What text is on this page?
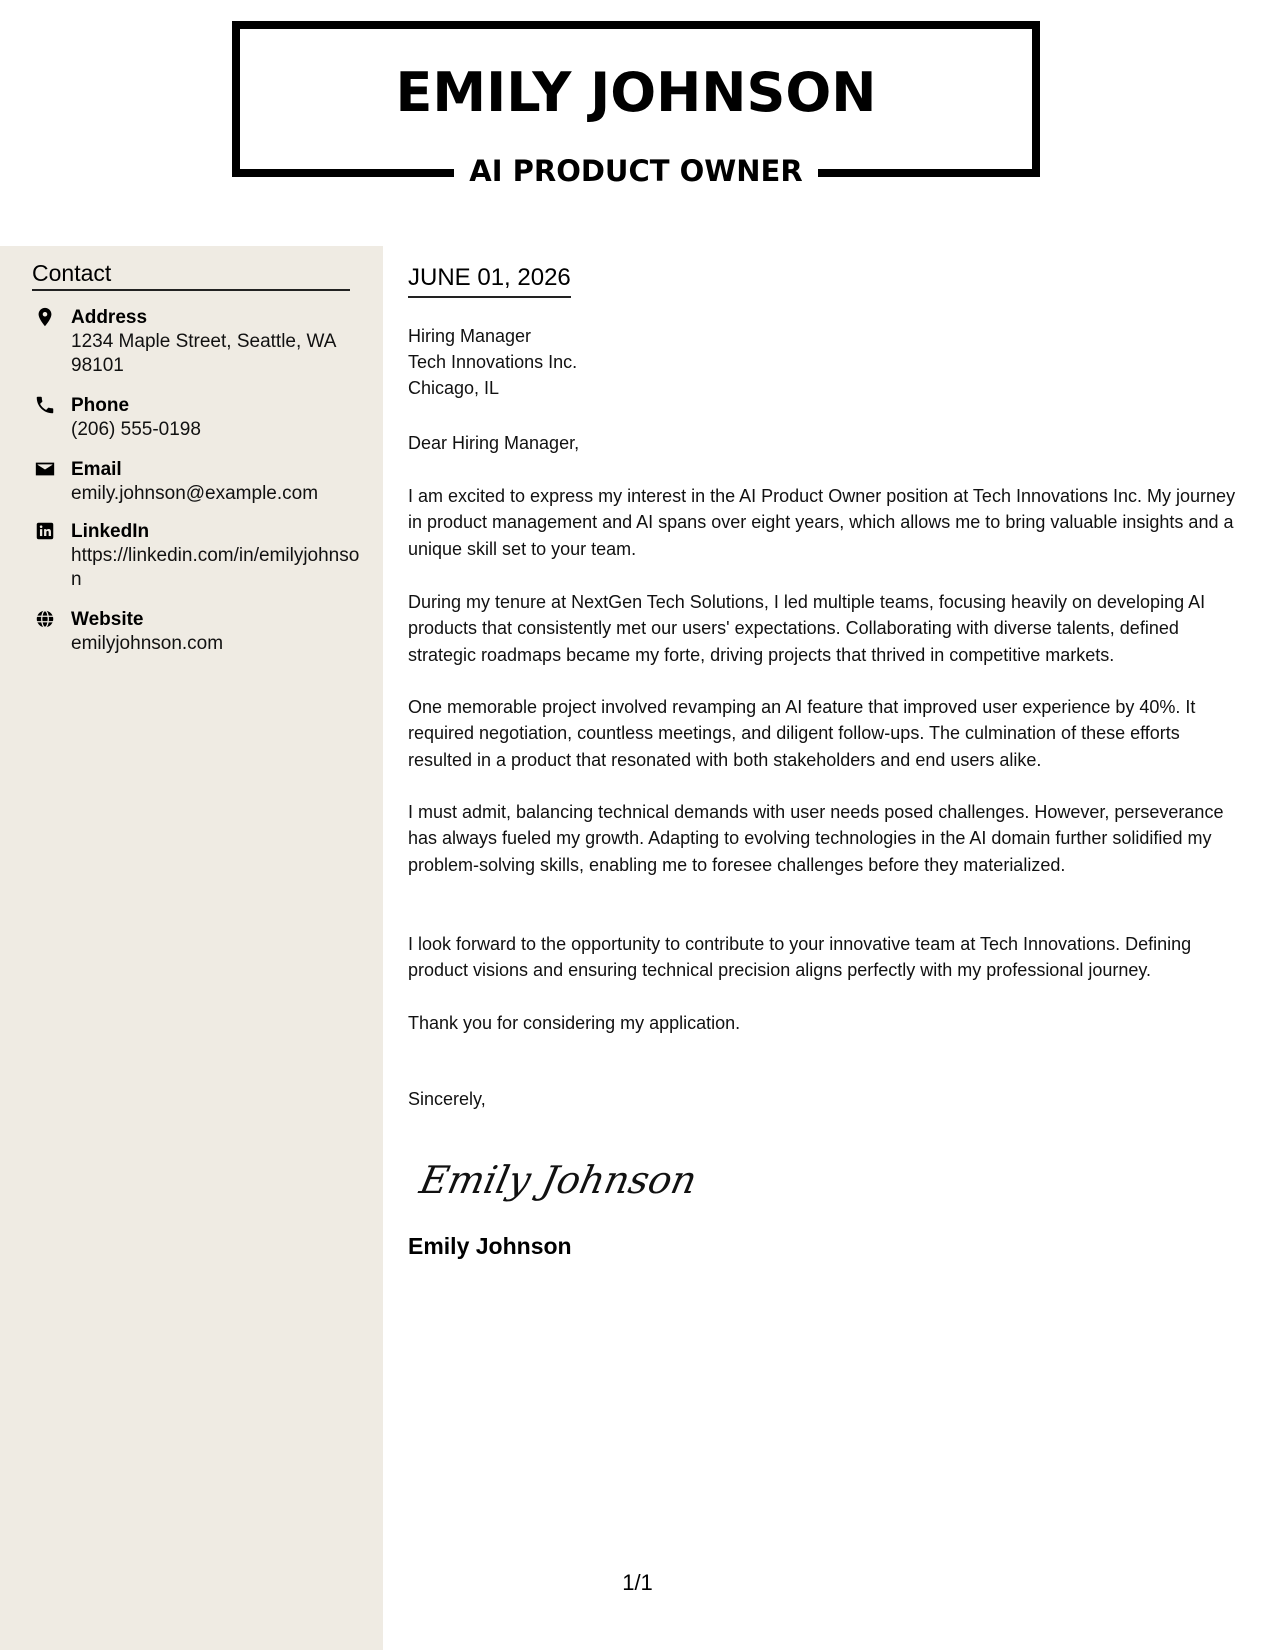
EMILY JOHNSON
AI PRODUCT OWNER
Contact
Address
1234 Maple Street, Seattle, WA 98101
Phone
(206) 555-0198
Email
emily.johnson@example.com
LinkedIn
https://linkedin.com/in/emilyjohnson
Website
emilyjohnson.com
JUNE 01, 2026
Hiring Manager
Tech Innovations Inc.
Chicago, IL
Dear Hiring Manager,
I am excited to express my interest in the AI Product Owner position at Tech Innovations Inc. My journey in product management and AI spans over eight years, which allows me to bring valuable insights and a unique skill set to your team.
During my tenure at NextGen Tech Solutions, I led multiple teams, focusing heavily on developing AI products that consistently met our users' expectations. Collaborating with diverse talents, defined strategic roadmaps became my forte, driving projects that thrived in competitive markets.
One memorable project involved revamping an AI feature that improved user experience by 40%. It required negotiation, countless meetings, and diligent follow-ups. The culmination of these efforts resulted in a product that resonated with both stakeholders and end users alike.
I must admit, balancing technical demands with user needs posed challenges. However, perseverance has always fueled my growth. Adapting to evolving technologies in the AI domain further solidified my problem-solving skills, enabling me to foresee challenges before they materialized.
I look forward to the opportunity to contribute to your innovative team at Tech Innovations. Defining product visions and ensuring technical precision aligns perfectly with my professional journey.
Thank you for considering my application.
Sincerely,
Emily Johnson
Emily Johnson
1/1
